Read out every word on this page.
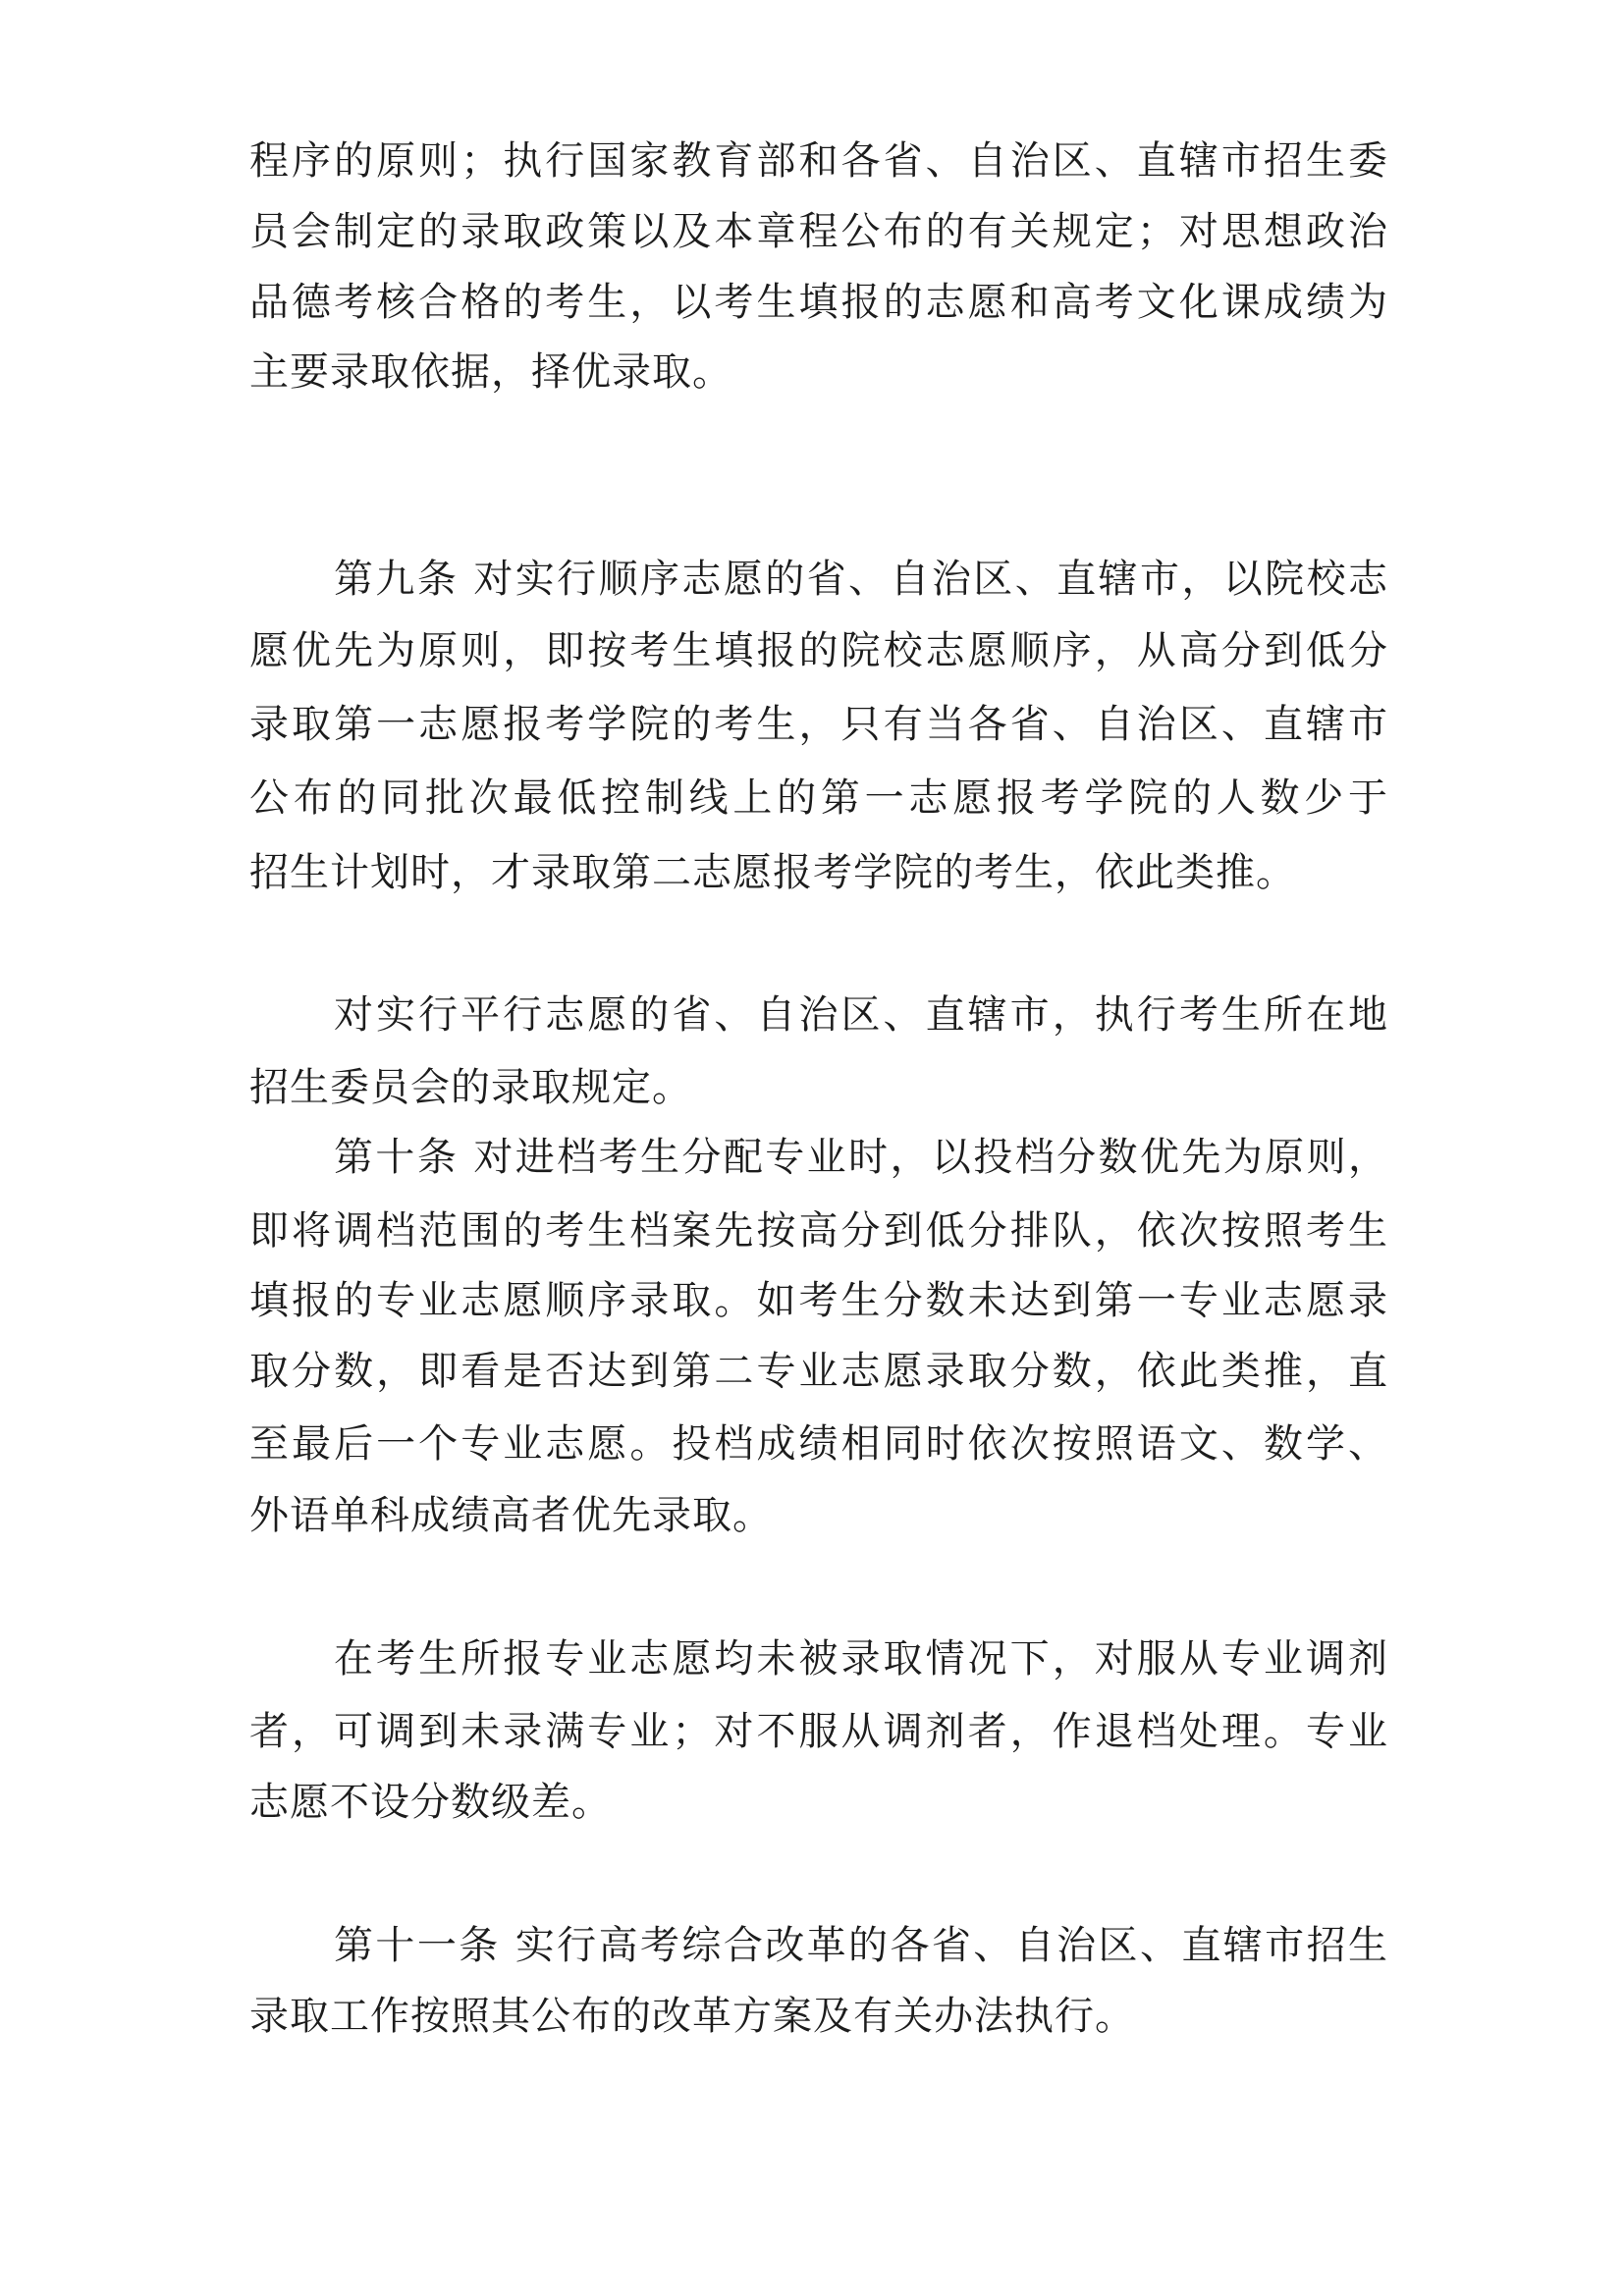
程序的原则；执行国家教育部和各省、自治区、直辖市招生委
员会制定的录取政策以及本章程公布的有关规定；对思想政治
品德考核合格的考生，以考生填报的志愿和高考文化课成绩为
主要录取依据，择优录取。
第九条 对实行顺序志愿的省、自治区、直辖市，以院校志
愿优先为原则，即按考生填报的院校志愿顺序，从高分到低分
录取第一志愿报考学院的考生，只有当各省、自治区、直辖市
公布的同批次最低控制线上的第一志愿报考学院的人数少于
招生计划时，才录取第二志愿报考学院的考生，依此类推。
对实行平行志愿的省、自治区、直辖市，执行考生所在地
招生委员会的录取规定。
第十条 对进档考生分配专业时，以投档分数优先为原则，
即将调档范围的考生档案先按高分到低分排队，依次按照考生
填报的专业志愿顺序录取。如考生分数未达到第一专业志愿录
取分数，即看是否达到第二专业志愿录取分数，依此类推，直
至最后一个专业志愿。投档成绩相同时依次按照语文、数学、
外语单科成绩高者优先录取。
在考生所报专业志愿均未被录取情况下，对服从专业调剂
者，可调到未录满专业；对不服从调剂者，作退档处理。专业
志愿不设分数级差。
第十一条 实行高考综合改革的各省、自治区、直辖市招生
录取工作按照其公布的改革方案及有关办法执行。
